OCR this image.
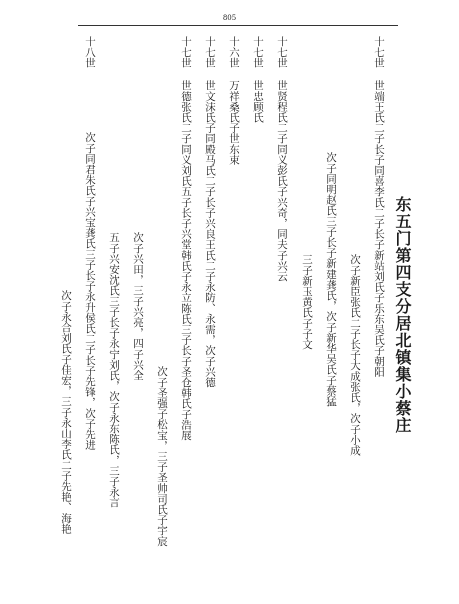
805
东五门第四支分居北镇集小蔡庄
十七世
世端王氏二子长子同喜李氏二子长子新站刘氏子乐东吴氏子朝阳
次子新臣张氏二子长子大成张氏，次子小成
次子同明赵氏三子长子新建龚氏，次子新华吴氏子蔡猛
三子新玉黄氏子子文
十七世
世贤程氏二子同义彭氏子兴奇，同夫子兴云
十七世
世忠顾氏
十六世
万祥桑氏子世东束
十七世
世文沫氏子同殿马氏二子长子兴良王氏二子永防、永需，次子兴德
十七世
世德张氏二子同义刘氏五子长子兴堂韩氏子永立陈氏三子长子圣仓韩氏子浩展
次子圣强子松宝，三子圣帅司氏子宇宸
次子兴田，三子兴亮，四子兴全
五子兴安沈氏三子长子永宁刘氏，次子永东陈氏，三子永言
十八世
次子同君朱氏子兴宝龚氏三子长子永升侯氏二子长子先锋，次子先进
次子永合刘氏子佳宏，三子永山李氏二子先艳、海艳
